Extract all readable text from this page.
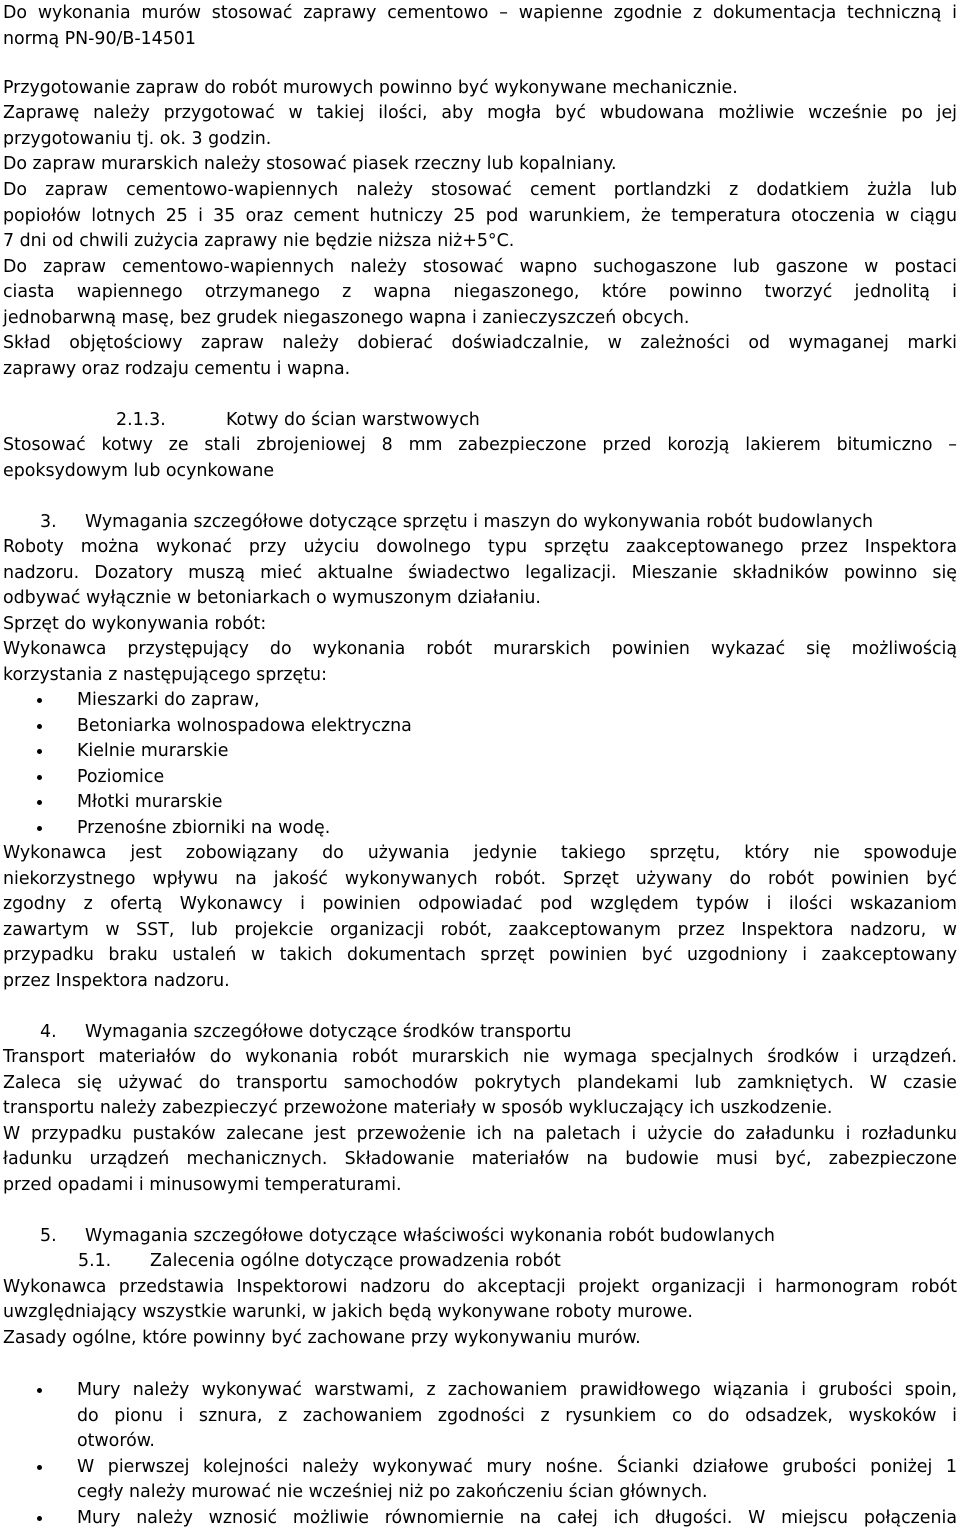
Do wykonania murów stosować zaprawy cementowo – wapienne zgodnie z dokumentacja techniczną i
normą PN-90/B-14501
Przygotowanie zapraw do robót murowych powinno być wykonywane mechanicznie.
Zaprawę należy przygotować w takiej ilości, aby mogła być wbudowana możliwie wcześnie po jej
przygotowaniu tj. ok. 3 godzin.
Do zapraw murarskich należy stosować piasek rzeczny lub kopalniany.
Do zapraw cementowo-wapiennych należy stosować cement portlandzki z dodatkiem żużla lub
popiołów lotnych 25 i 35 oraz cement hutniczy 25 pod warunkiem, że temperatura otoczenia w ciągu
7 dni od chwili zużycia zaprawy nie będzie niższa niż+5°C.
Do zapraw cementowo-wapiennych należy stosować wapno suchogaszone lub gaszone w postaci
ciasta wapiennego otrzymanego z wapna niegaszonego, które powinno tworzyć jednolitą i
jednobarwną masę, bez grudek niegaszonego wapna i zanieczyszczeń obcych.
Skład objętościowy zapraw należy dobierać doświadczalnie, w zależności od wymaganej marki
zaprawy oraz rodzaju cementu i wapna.
2.1.3.	Kotwy do ścian warstwowych
Stosować kotwy ze stali zbrojeniowej 8 mm zabezpieczone przed korozją lakierem bitumiczno –
epoksydowym lub ocynkowane
3. Wymagania szczegółowe dotyczące sprzętu i maszyn do wykonywania robót budowlanych
Roboty można wykonać przy użyciu dowolnego typu sprzętu zaakceptowanego przez Inspektora
nadzoru. Dozatory muszą mieć aktualne świadectwo legalizacji. Mieszanie składników powinno się
odbywać wyłącznie w betoniarkach o wymuszonym działaniu.
Sprzęt do wykonywania robót:
Wykonawca przystępujący do wykonania robót murarskich powinien wykazać się możliwością
korzystania z następującego sprzętu:
Mieszarki do zapraw,
Betoniarka wolnospadowa elektryczna
Kielnie murarskie
Poziomice
Młotki murarskie
Przenośne zbiorniki na wodę.
Wykonawca jest zobowiązany do używania jedynie takiego sprzętu, który nie spowoduje
niekorzystnego wpływu na jakość wykonywanych robót. Sprzęt używany do robót powinien być
zgodny z ofertą Wykonawcy i powinien odpowiadać pod względem typów i ilości wskazaniom
zawartym w SST, lub projekcie organizacji robót, zaakceptowanym przez Inspektora nadzoru, w
przypadku braku ustaleń w takich dokumentach sprzęt powinien być uzgodniony i zaakceptowany
przez Inspektora nadzoru.
4. Wymagania szczegółowe dotyczące środków transportu
Transport materiałów do wykonania robót murarskich nie wymaga specjalnych środków i urządzeń.
Zaleca się używać do transportu samochodów pokrytych plandekami lub zamkniętych. W czasie
transportu należy zabezpieczyć przewożone materiały w sposób wykluczający ich uszkodzenie.
W przypadku pustaków zalecane jest przewożenie ich na paletach i użycie do załadunku i rozładunku
ładunku urządzeń mechanicznych. Składowanie materiałów na budowie musi być, zabezpieczone
przed opadami i minusowymi temperaturami.
5. Wymagania szczegółowe dotyczące właściwości wykonania robót budowlanych
5.1. Zalecenia ogólne dotyczące prowadzenia robót
Wykonawca przedstawia Inspektorowi nadzoru do akceptacji projekt organizacji i harmonogram robót
uwzględniający wszystkie warunki, w jakich będą wykonywane roboty murowe.
Zasady ogólne, które powinny być zachowane przy wykonywaniu murów.
Mury należy wykonywać warstwami, z zachowaniem prawidłowego wiązania i grubości spoin,
do pionu i sznura, z zachowaniem zgodności z rysunkiem co do odsadzek, wyskoków i
otworów.
W pierwszej kolejności należy wykonywać mury nośne. Ścianki działowe grubości poniżej 1
cegły należy murować nie wcześniej niż po zakończeniu ścian głównych.
Mury należy wznosić możliwie równomiernie na całej ich długości. W miejscu połączenia
